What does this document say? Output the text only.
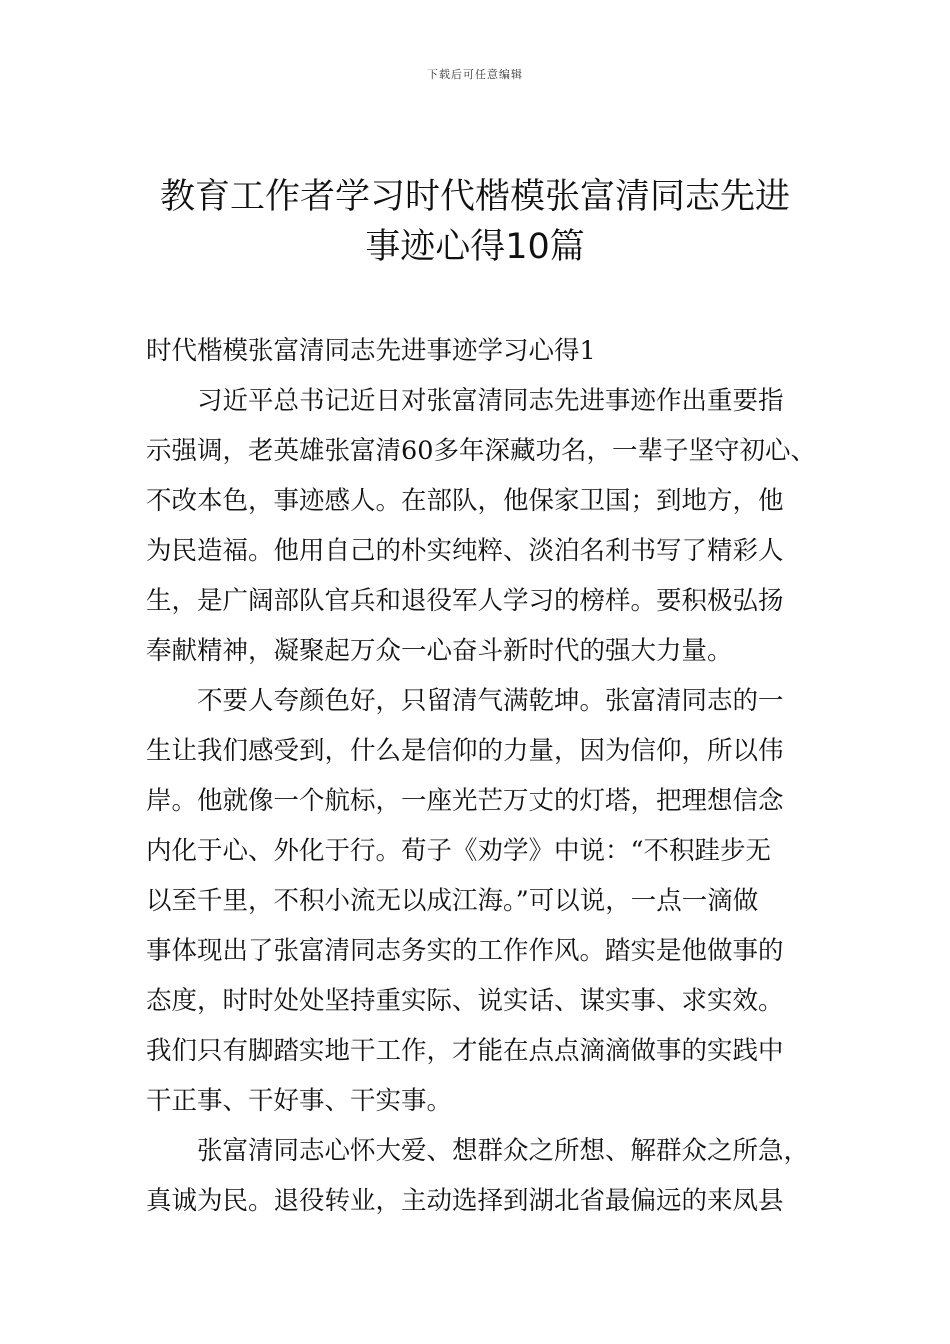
下载后可任意编辑
教育工作者学习时代楷模张富清同志先进
事迹心得10篇
时代楷模张富清同志先进事迹学习心得1
习近平总书记近日对张富清同志先进事迹作出重要指
示强调，老英雄张富清60多年深藏功名，一辈子坚守初心、
不改本色，事迹感人。在部队，他保家卫国；到地方，他
为民造福。他用自己的朴实纯粹、淡泊名利书写了精彩人
生，是广阔部队官兵和退役军人学习的榜样。要积极弘扬
奉献精神，凝聚起万众一心奋斗新时代的强大力量。
不要人夸颜色好，只留清气满乾坤。张富清同志的一
生让我们感受到，什么是信仰的力量，因为信仰，所以伟
岸。他就像一个航标，一座光芒万丈的灯塔，把理想信念
内化于心、外化于行。荀子《劝学》中说：“不积跬步无
以至千里，不积小流无以成江海。”可以说，一点一滴做
事体现出了张富清同志务实的工作作风。踏实是他做事的
态度，时时处处坚持重实际、说实话、谋实事、求实效。
我们只有脚踏实地干工作，才能在点点滴滴做事的实践中
干正事、干好事、干实事。
张富清同志心怀大爱、想群众之所想、解群众之所急，
真诚为民。退役转业，主动选择到湖北省最偏远的来凤县
